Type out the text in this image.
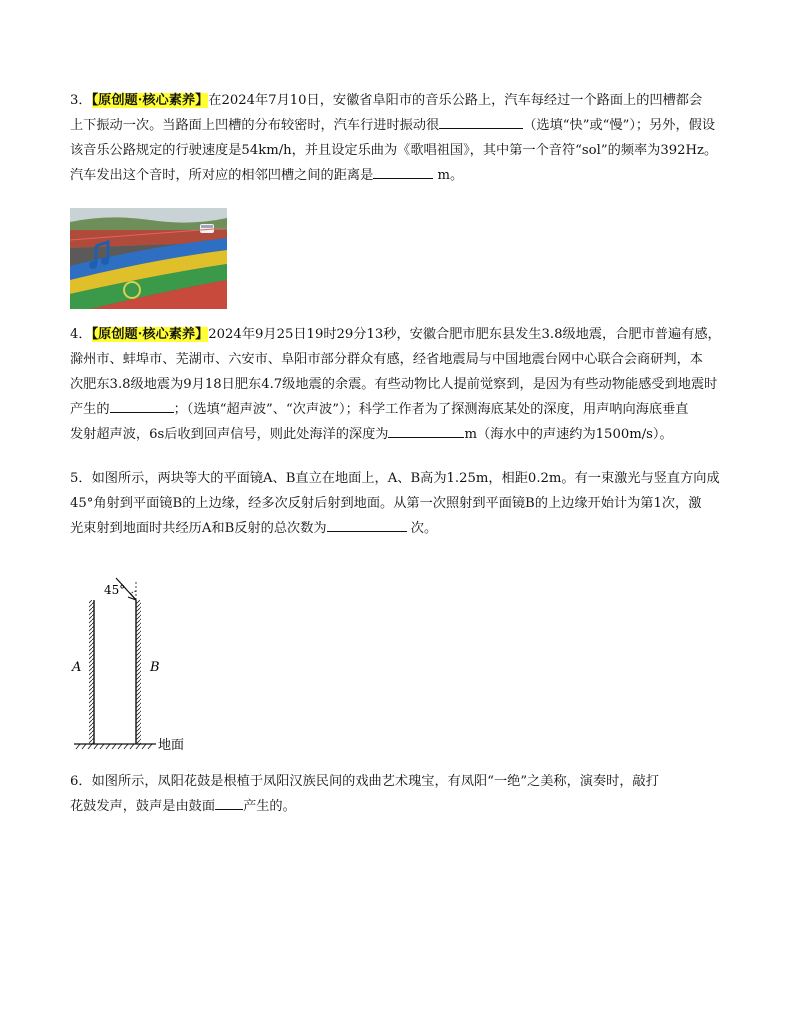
3．【原创题·核心素养】在2024年7月10日，安徽省阜阳市的音乐公路上，汽车每经过一个路面上的凹槽都会
上下振动一次。当路面上凹槽的分布较密时，汽车行进时振动很	（选填“快”或“慢”）；另外，假设
该音乐公路规定的行驶速度是54km/h，并且设定乐曲为《歌唱祖国》，其中第一个音符“sol”的频率为392Hz。
汽车发出这个音时，所对应的相邻凹槽之间的距离是	m。
4．【原创题·核心素养】2024年9月25日19时29分13秒，安徽合肥市肥东县发生3.8级地震，合肥市普遍有感，
滁州市、蚌埠市、芜湖市、六安市、阜阳市部分群众有感，经省地震局与中国地震台网中心联合会商研判，本
次肥东3.8级地震为9月18日肥东4.7级地震的余震。有些动物比人提前觉察到，是因为有些动物能感受到地震时
产生的	；（选填“超声波”、“次声波”）；科学工作者为了探测海底某处的深度，用声呐向海底垂直
发射超声波，6s后收到回声信号，则此处海洋的深度为	m（海水中的声速约为1500m/s）。
5．如图所示，两块等大的平面镜A、B直立在地面上，A、B高为1.25m，相距0.2m。有一束激光与竖直方向成
45°角射到平面镜B的上边缘，经多次反射后射到地面。从第一次照射到平面镜B的上边缘开始计为第1次，激
光束射到地面时共经历A和B反射的总次数为	次。
45°
A	B
地面
6．如图所示，凤阳花鼓是根植于凤阳汉族民间的戏曲艺术瑰宝，有凤阳“一绝”之美称，演奏时，敲打
花鼓发声，鼓声是由鼓面 产生的。
